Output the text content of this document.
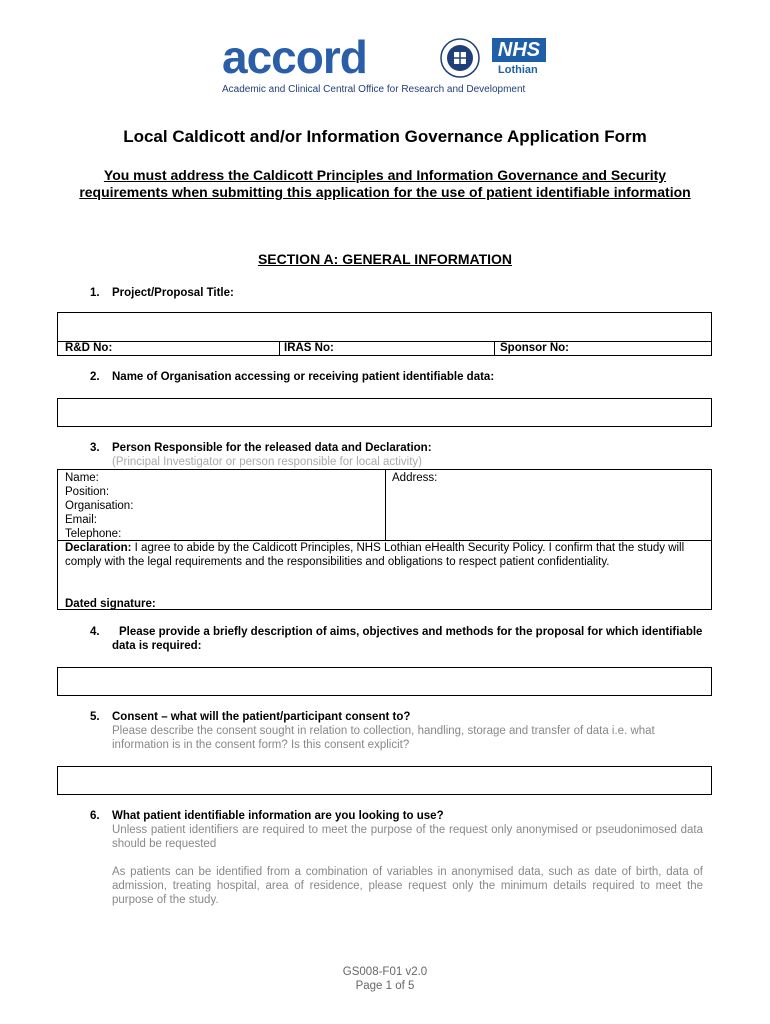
accord
Academic and Clinical Central Office for Research and Development
NHS
Lothian
Local Caldicott and/or Information Governance Application Form
You must address the Caldicott Principles and Information Governance and Security requirements when submitting this application for the use of patient identifiable information
SECTION A: GENERAL INFORMATION
1. Project/Proposal Title:
R&D No:	IRAS No:	Sponsor No:
2. Name of Organisation accessing or receiving patient identifiable data:
3. Person Responsible for the released data and Declaration:
(Principal Investigator or person responsible for local activity)
Name:
Position:
Organisation:
Email:
Telephone:
Address:
Declaration: I agree to abide by the Caldicott Principles, NHS Lothian eHealth Security Policy. I confirm that the study will comply with the legal requirements and the responsibilities and obligations to respect patient confidentiality.
Dated signature:
4. Please provide a briefly description of aims, objectives and methods for the proposal for which identifiable data is required:
5. Consent – what will the patient/participant consent to?
Please describe the consent sought in relation to collection, handling, storage and transfer of data i.e. what information is in the consent form? Is this consent explicit?
6. What patient identifiable information are you looking to use?
Unless patient identifiers are required to meet the purpose of the request only anonymised or pseudonimosed data should be requested
As patients can be identified from a combination of variables in anonymised data, such as date of birth, data of admission, treating hospital, area of residence, please request only the minimum details required to meet the purpose of the study.
GS008-F01 v2.0
Page 1 of 5
